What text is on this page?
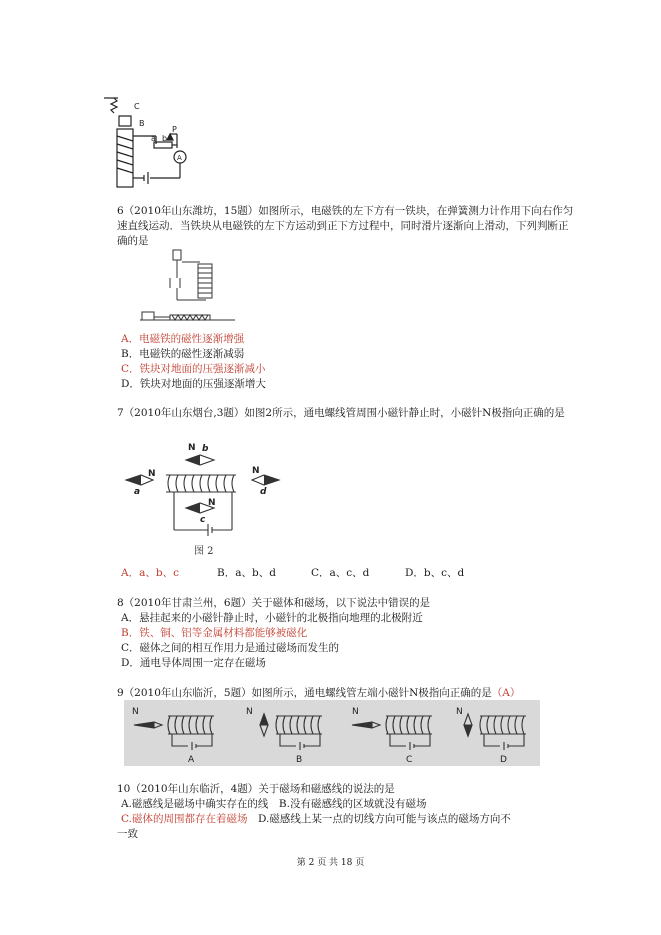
C
B
P
a b
A
6（2010年山东潍坊，15题）如图所示，电磁铁的左下方有一铁块，在弹簧测力计作用下向右作匀速直线运动．当铁块从电磁铁的左下方运动到正下方过程中，同时滑片逐渐向上滑动，下列判断正确的是
A．电磁铁的磁性逐渐增强
B．电磁铁的磁性逐渐减弱
C．铁块对地面的压强逐渐减小
D．铁块对地面的压强逐渐增大
7（2010年山东烟台,3题）如图2所示，通电螺线管周围小磁针静止时，小磁针N极指向正确的是
N
a
N b
N
d
N
c
图 2
A．a、b、c	B．a、b、d	C．a、c、d	D．b、c、d
8（2010年甘肃兰州，6题）关于磁体和磁场，以下说法中错误的是
A．悬挂起来的小磁针静止时，小磁针的北极指向地理的北极附近
B．铁、铜、铝等金属材料都能够被磁化
C．磁体之间的相互作用力是通过磁场而发生的
D．通电导体周围一定存在磁场
9（2010年山东临沂，5题）如图所示，通电螺线管左端小磁针N极指向正确的是（A）
N	N	N	N
A	B	C	D
10（2010年山东临沂，4题）关于磁场和磁感线的说法的是
A.磁感线是磁场中确实存在的线　B.没有磁感线的区域就没有磁场
C.磁体的周围都存在着磁场　D.磁感线上某一点的切线方向可能与该点的磁场方向不
一致
第 2 页 共 18 页
